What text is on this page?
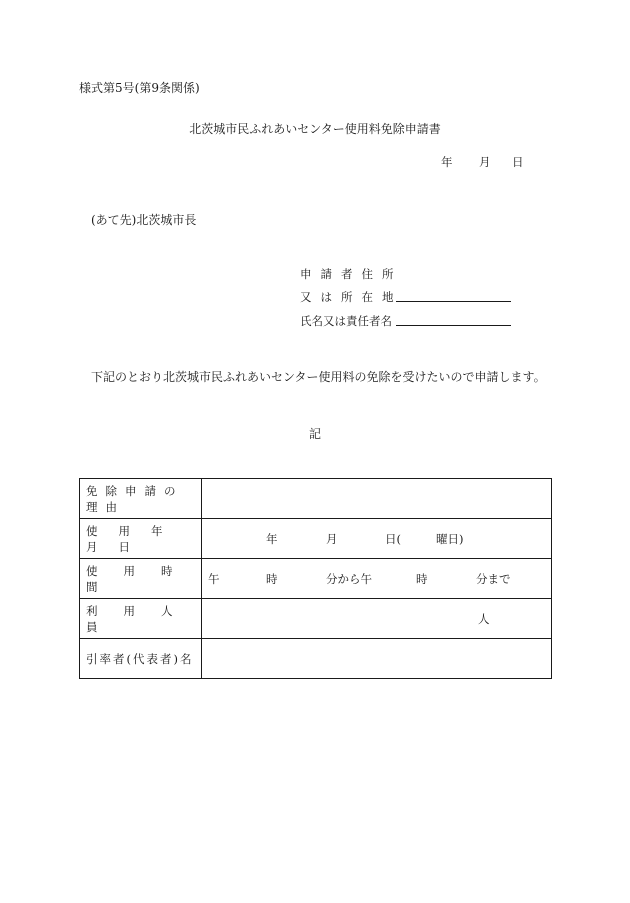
様式第5号(第9条関係)
北茨城市民ふれあいセンター使用料免除申請書
年 月 日
(あて先)北茨城市長
申請者住所
又は所在地
氏名又は責任者名
下記のとおり北茨城市民ふれあいセンター使用料の免除を受けたいので申請します。
記
免除申請の理由	

使用年月日	年 月 日( 曜日)

使用時間	午 時 分から午 時 分まで

利用人員	人

引率者(代表者)名	
